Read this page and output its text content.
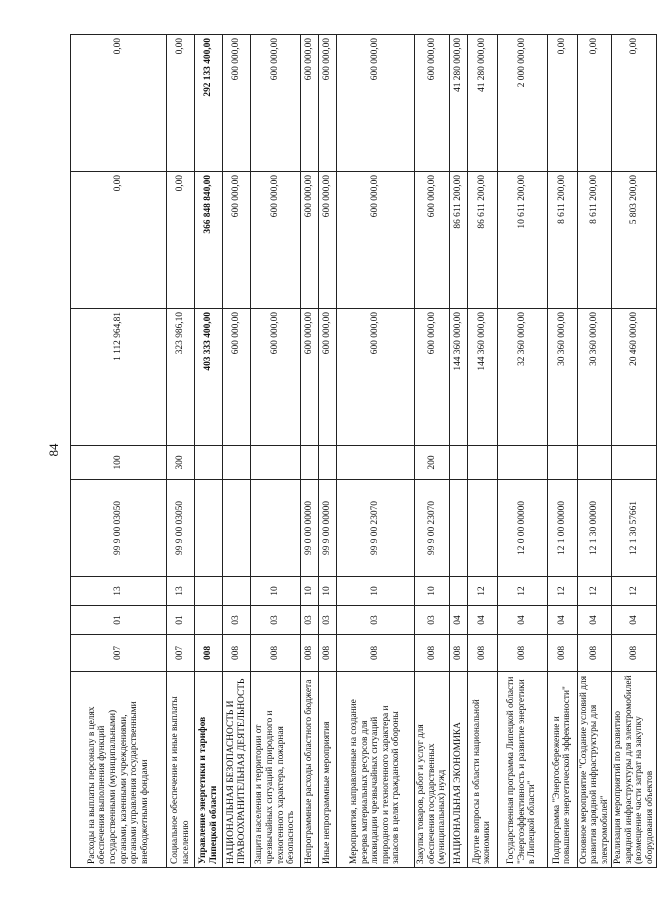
84
Расходы на выплаты персоналу в целях обеспечения выполнения функций государственными (муниципальными) органами, казенными учреждениями, органами управления государственными внебюджетными фондами	007	01	13	99 9 00 03050	100	1 112 964,81	0,00	0,00
Социальное обеспечение и иные выплаты населению	007	01	13	99 9 00 03050	300	323 986,10	0,00	0,00
Управление энергетики и тарифов Липецкой области	008					403 333 400,00	366 848 840,00	292 133 400,00
НАЦИОНАЛЬНАЯ БЕЗОПАСНОСТЬ И ПРАВООХРАНИТЕЛЬНАЯ ДЕЯТЕЛЬНОСТЬ	008	03				600 000,00	600 000,00	600 000,00
Защита населения и территории от чрезвычайных ситуаций природного и техногенного характера, пожарная безопасность	008	03	10			600 000,00	600 000,00	600 000,00
Непрограммные расходы областного бюджета	008	03	10	99 0 00 00000		600 000,00	600 000,00	600 000,00
Иные непрограммные мероприятия	008	03	10	99 9 00 00000		600 000,00	600 000,00	600 000,00
Мероприятия, направленные на создание резерва материальных ресурсов для ликвидации чрезвычайных ситуаций природного и техногенного характера и запасов в целях гражданской обороны	008	03	10	99 9 00 23070		600 000,00	600 000,00	600 000,00
Закупка товаров, работ и услуг для обеспечения государственных (муниципальных) нужд	008	03	10	99 9 00 23070	200	600 000,00	600 000,00	600 000,00
НАЦИОНАЛЬНАЯ ЭКОНОМИКА	008	04				144 360 000,00	86 611 200,00	41 280 000,00
Другие вопросы в области национальной экономики	008	04	12			144 360 000,00	86 611 200,00	41 280 000,00
Государственная программа Липецкой области "Энергоэффективность и развитие энергетики в Липецкой области"	008	04	12	12 0 00 00000		32 360 000,00	10 611 200,00	2 000 000,00
Подпрограмма "Энергосбережение и повышение энергетической эффективности"	008	04	12	12 1 00 00000		30 360 000,00	8 611 200,00	0,00
Основное мероприятие "Создание условий для развития зарядной инфраструктуры для электромобилей"	008	04	12	12 1 30 00000		30 360 000,00	8 611 200,00	0,00
Реализация мероприятий по развитию зарядной инфраструктуры для электромобилей (возмещение части затрат на закупку оборудования объектов	008	04	12	12 1 30 57661		20 460 000,00	5 803 200,00	0,00
